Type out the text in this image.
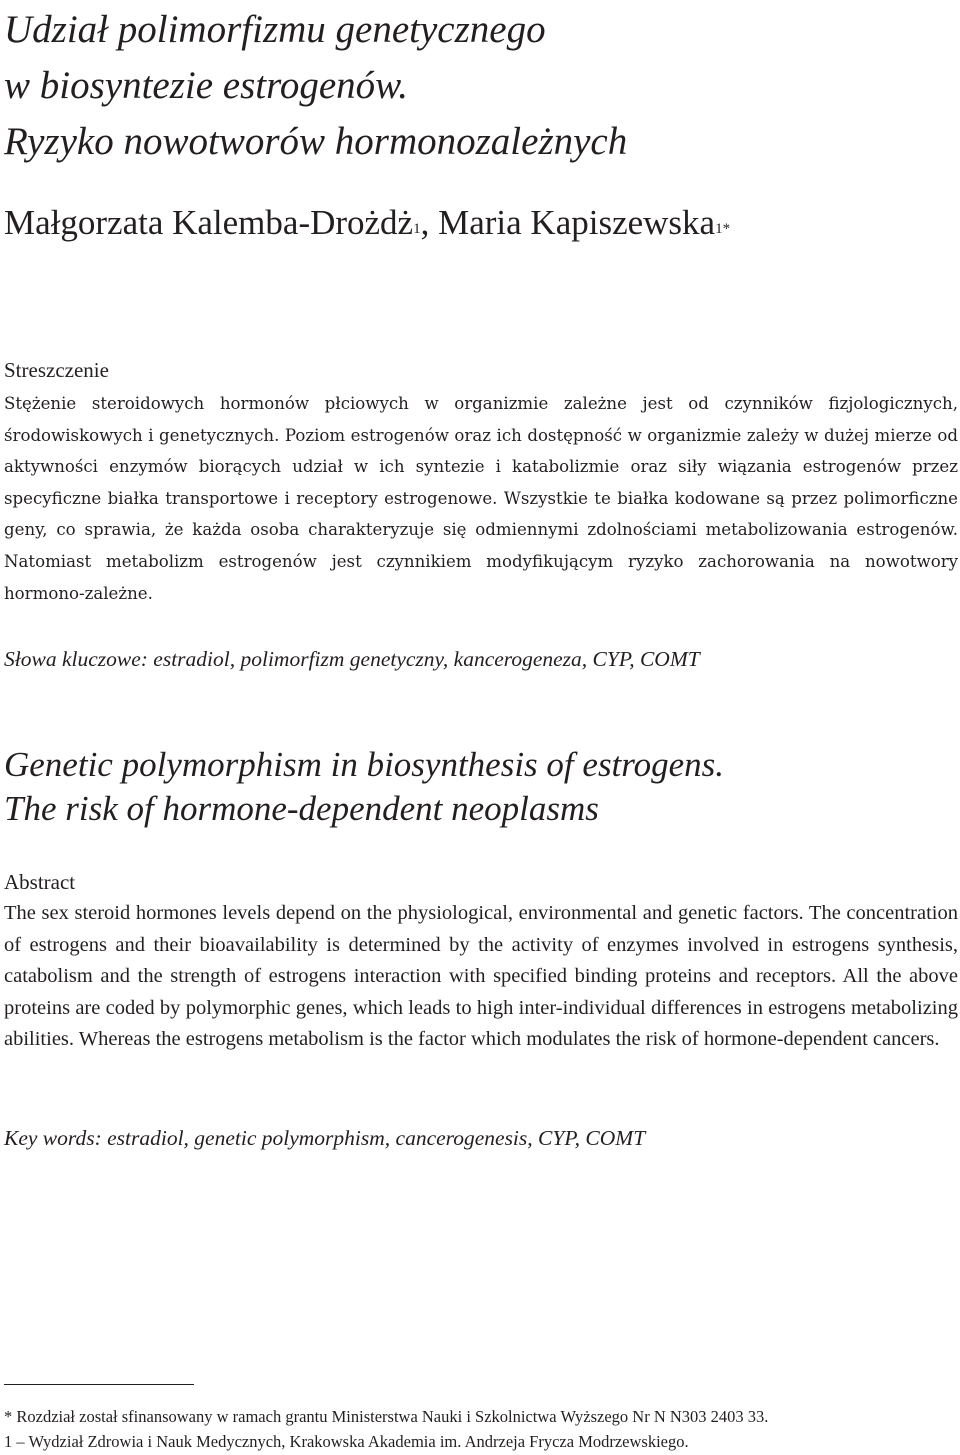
Udział polimorfizmu genetycznego
w biosyntezie estrogenów.
Ryzyko nowotworów hormonozależnych
Małgorzata Kalemba-Drożdż$^1$, Maria Kapiszewska$^{1*}$
Streszczenie

Stężenie steroidowych hormonów płciowych w organizmie zależne jest od czynników fizjologicznych, środowiskowych i genetycznych. Poziom estrogenów oraz ich dostępność w organizmie zależy w dużej mierze od aktywności enzymów biorących udział w ich syntezie i katabolizmie oraz siły wiązania estrogenów przez specyficzne białka transportowe i receptory estrogenowe. Wszystkie te białka kodowane są przez polimorficzne geny, co sprawia, że każda osoba charakteryzuje się odmiennymi zdolnościami metabolizowania estrogenów. Natomiast metabolizm estrogenów jest czynnikiem modyfikującym ryzyko zachorowania na nowotwory hormono-zależne.

Słowa kluczowe: estradiol, polimorfizm genetyczny, kancerogeneza, CYP, COMT
Genetic polymorphism in biosynthesis of estrogens.
The risk of hormone-dependent neoplasms
Abstract

The sex steroid hormones levels depend on the physiological, environmental and genetic factors. The concentration of estrogens and their bioavailability is determined by the activity of enzymes involved in estrogens synthesis, catabolism and the strength of estrogens interaction with specified binding proteins and receptors. All the above proteins are coded by polymorphic genes, which leads to high inter-individual differences in estrogens metabolizing abilities. Whereas the estrogens metabolism is the factor which modulates the risk of hormone-dependent cancers.

Key words: estradiol, genetic polymorphism, cancerogenesis, CYP, COMT
* Rozdział został sfinansowany w ramach grantu Ministerstwa Nauki i Szkolnictwa Wyższego Nr N N303 2403 33.
1 – Wydział Zdrowia i Nauk Medycznych, Krakowska Akademia im. Andrzeja Frycza Modrzewskiego.
